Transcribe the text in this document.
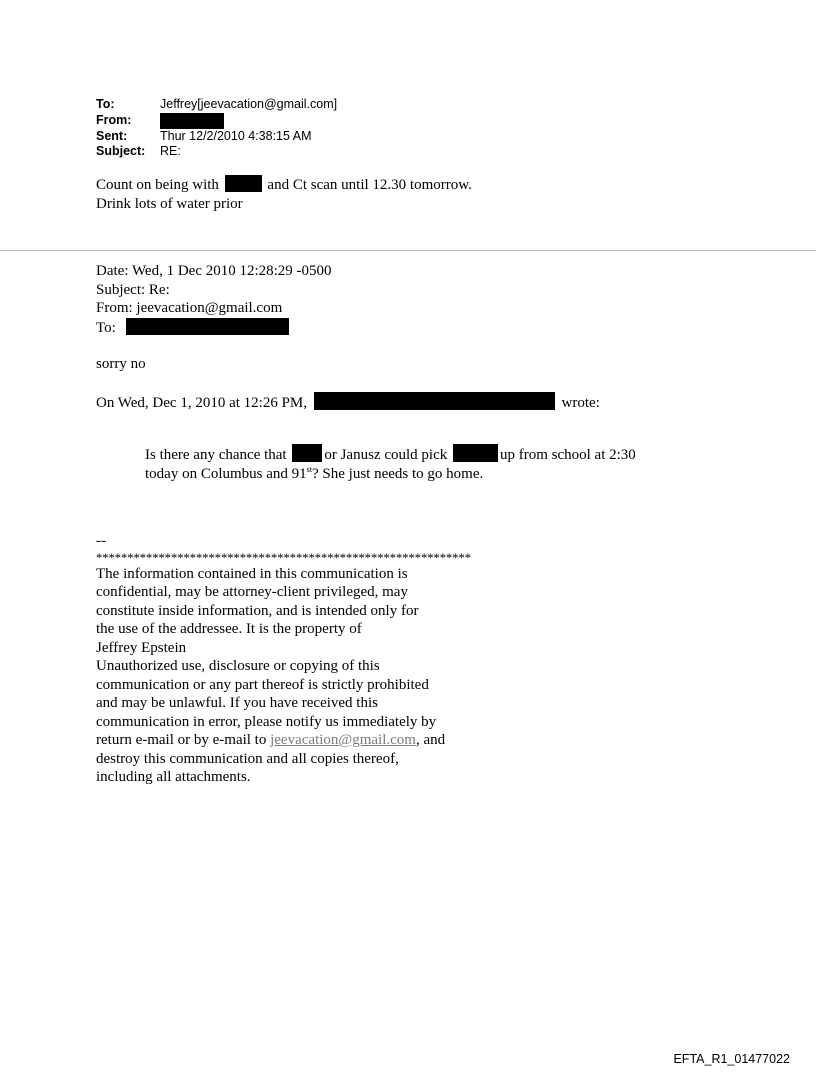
To:	Jeffrey[jeevacation@gmail.com]
From:
Sent:	Thur 12/2/2010 4:38:15 AM
Subject:	RE:
Count on being with	and Ct scan until 12.30 tomorrow.
Drink lots of water prior
Date: Wed, 1 Dec 2010 12:28:29 -0500
Subject: Re:
From: jeevacation@gmail.com
To:
sorry no
On Wed, Dec 1, 2010 at 12:26 PM,	wrote:
Is there any chance that	or Janusz could pick	up from school at 2:30
today on Columbus and 91st? She just needs to go home.
--
************************************************************
The information contained in this communication is
confidential, may be attorney-client privileged, may
constitute inside information, and is intended only for
the use of the addressee. It is the property of
Jeffrey Epstein
Unauthorized use, disclosure or copying of this
communication or any part thereof is strictly prohibited
and may be unlawful. If you have received this
communication in error, please notify us immediately by
return e-mail or by e-mail to jeevacation@gmail.com, and
destroy this communication and all copies thereof,
including all attachments.
EFTA_R1_01477022
